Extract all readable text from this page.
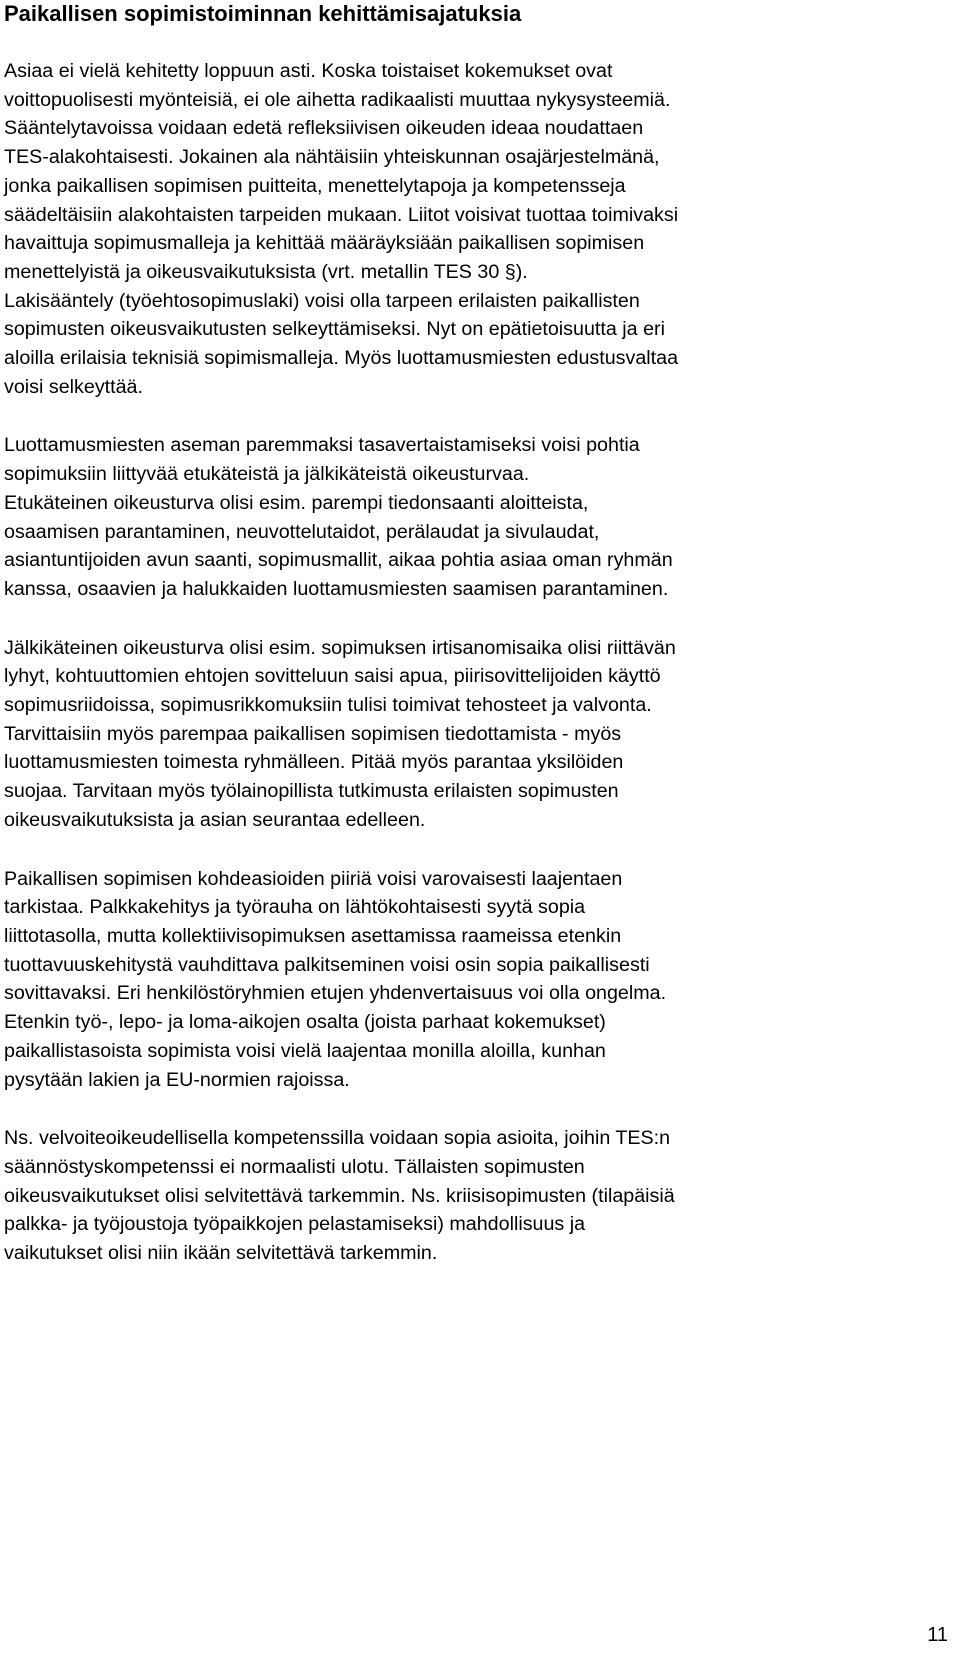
Paikallisen sopimistoiminnan kehittämisajatuksia

Asiaa ei vielä kehitetty loppuun asti. Koska toistaiset kokemukset ovat
voittopuolisesti myönteisiä, ei ole aihetta radikaalisti muuttaa nykysysteemiä.
Sääntelytavoissa voidaan edetä refleksiivisen oikeuden ideaa noudattaen
TES-alakohtaisesti. Jokainen ala nähtäisiin yhteiskunnan osajärjestelmänä,
jonka paikallisen sopimisen puitteita, menettelytapoja ja kompetensseja
säädeltäisiin alakohtaisten tarpeiden mukaan. Liitot voisivat tuottaa toimivaksi
havaittuja sopimusmalleja ja kehittää määräyksiään paikallisen sopimisen
menettelyistä ja oikeusvaikutuksista (vrt. metallin TES 30 §).
Lakisääntely (työehtosopimuslaki) voisi olla tarpeen erilaisten paikallisten
sopimusten oikeusvaikutusten selkeyttämiseksi. Nyt on epätietoisuutta ja eri
aloilla erilaisia teknisiä sopimismalleja. Myös luottamusmiesten edustusvaltaa
voisi selkeyttää.

Luottamusmiesten aseman paremmaksi tasavertaistamiseksi voisi pohtia
sopimuksiin liittyvää etukäteistä ja jälkikäteistä oikeusturvaa.
Etukäteinen oikeusturva olisi esim. parempi tiedonsaanti aloitteista,
osaamisen parantaminen, neuvottelutaidot, perälaudat ja sivulaudat,
asiantuntijoiden avun saanti, sopimusmallit, aikaa pohtia asiaa oman ryhmän
kanssa, osaavien ja halukkaiden luottamusmiesten saamisen parantaminen.

Jälkikäteinen oikeusturva olisi esim. sopimuksen irtisanomisaika olisi riittävän
lyhyt, kohtuuttomien ehtojen sovitteluun saisi apua, piirisovittelijoiden käyttö
sopimusriidoissa, sopimusrikkomuksiin tulisi toimivat tehosteet ja valvonta.
Tarvittaisiin myös parempaa paikallisen sopimisen tiedottamista - myös
luottamusmiesten toimesta ryhmälleen. Pitää myös parantaa yksilöiden
suojaa. Tarvitaan myös työlainopillista tutkimusta erilaisten sopimusten
oikeusvaikutuksista ja asian seurantaa edelleen.

Paikallisen sopimisen kohdeasioiden piiriä voisi varovaisesti laajentaen
tarkistaa. Palkkakehitys ja työrauha on lähtökohtaisesti syytä sopia
liittotasolla, mutta kollektiivisopimuksen asettamissa raameissa etenkin
tuottavuuskehitystä vauhdittava palkitseminen voisi osin sopia paikallisesti
sovittavaksi. Eri henkilöstöryhmien etujen yhdenvertaisuus voi olla ongelma.
Etenkin työ-, lepo- ja loma-aikojen osalta (joista parhaat kokemukset)
paikallistasoista sopimista voisi vielä laajentaa monilla aloilla, kunhan
pysytään lakien ja EU-normien rajoissa.

Ns. velvoiteoikeudellisella kompetenssilla voidaan sopia asioita, joihin TES:n
säännöstyskompetenssi ei normaalisti ulotu. Tällaisten sopimusten
oikeusvaikutukset olisi selvitettävä tarkemmin. Ns. kriisisopimusten (tilapäisiä
palkka- ja työjoustoja työpaikkojen pelastamiseksi) mahdollisuus ja
vaikutukset olisi niin ikään selvitettävä tarkemmin.

11
